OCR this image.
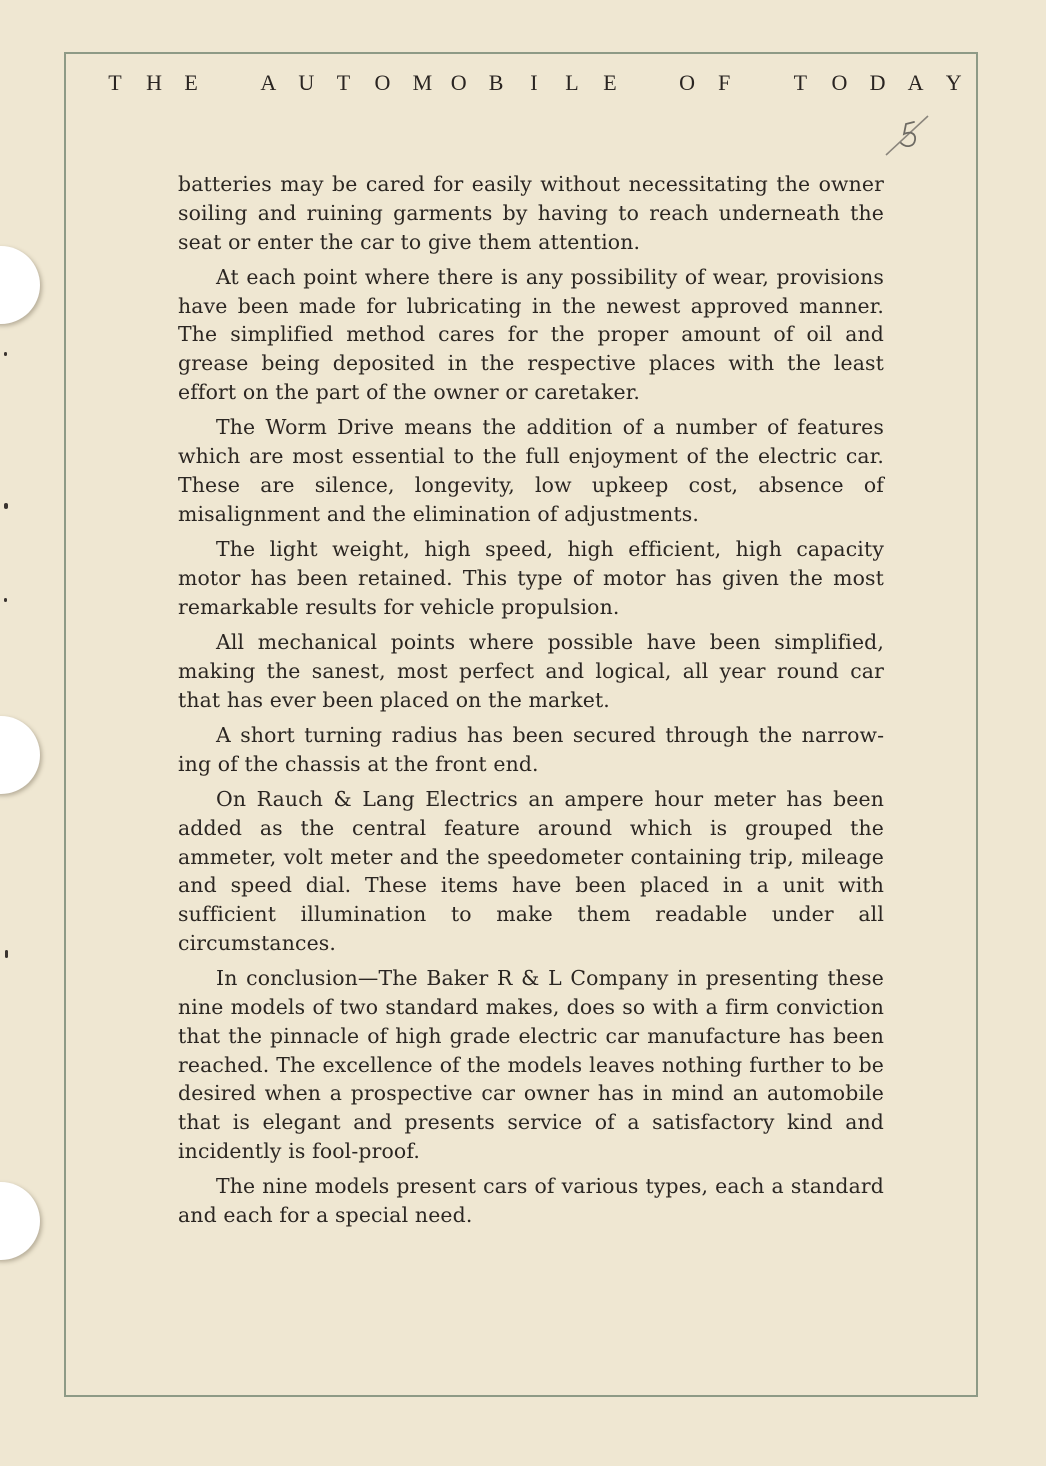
T H E	A U T O M O B I L E	O F	T O D A Y

batteries may be cared for easily without necessitating the owner soiling and ruining garments by having to reach underneath the seat or enter the car to give them attention.

At each point where there is any possibility of wear, provisions have been made for lubricating in the newest approved manner. The simplified method cares for the proper amount of oil and grease being deposited in the respective places with the least effort on the part of the owner or caretaker.

The Worm Drive means the addition of a number of features which are most essential to the full enjoyment of the electric car. These are silence, longevity, low upkeep cost, absence of misalignment and the elimination of adjustments.

The light weight, high speed, high efficient, high capacity motor has been retained. This type of motor has given the most remarkable results for vehicle propulsion.

All mechanical points where possible have been simplified, making the sanest, most perfect and logical, all year round car that has ever been placed on the market.

A short turning radius has been secured through the narrowing of the chassis at the front end.

On Rauch & Lang Electrics an ampere hour meter has been added as the central feature around which is grouped the ammeter, volt meter and the speedometer containing trip, mileage and speed dial. These items have been placed in a unit with sufficient illumination to make them readable under all circumstances.

In conclusion—The Baker R & L Company in presenting these nine models of two standard makes, does so with a firm conviction that the pinnacle of high grade electric car manufacture has been reached. The excellence of the models leaves nothing further to be desired when a prospective car owner has in mind an automobile that is elegant and presents service of a satisfactory kind and incidently is fool-proof.

The nine models present cars of various types, each a standard and each for a special need.
